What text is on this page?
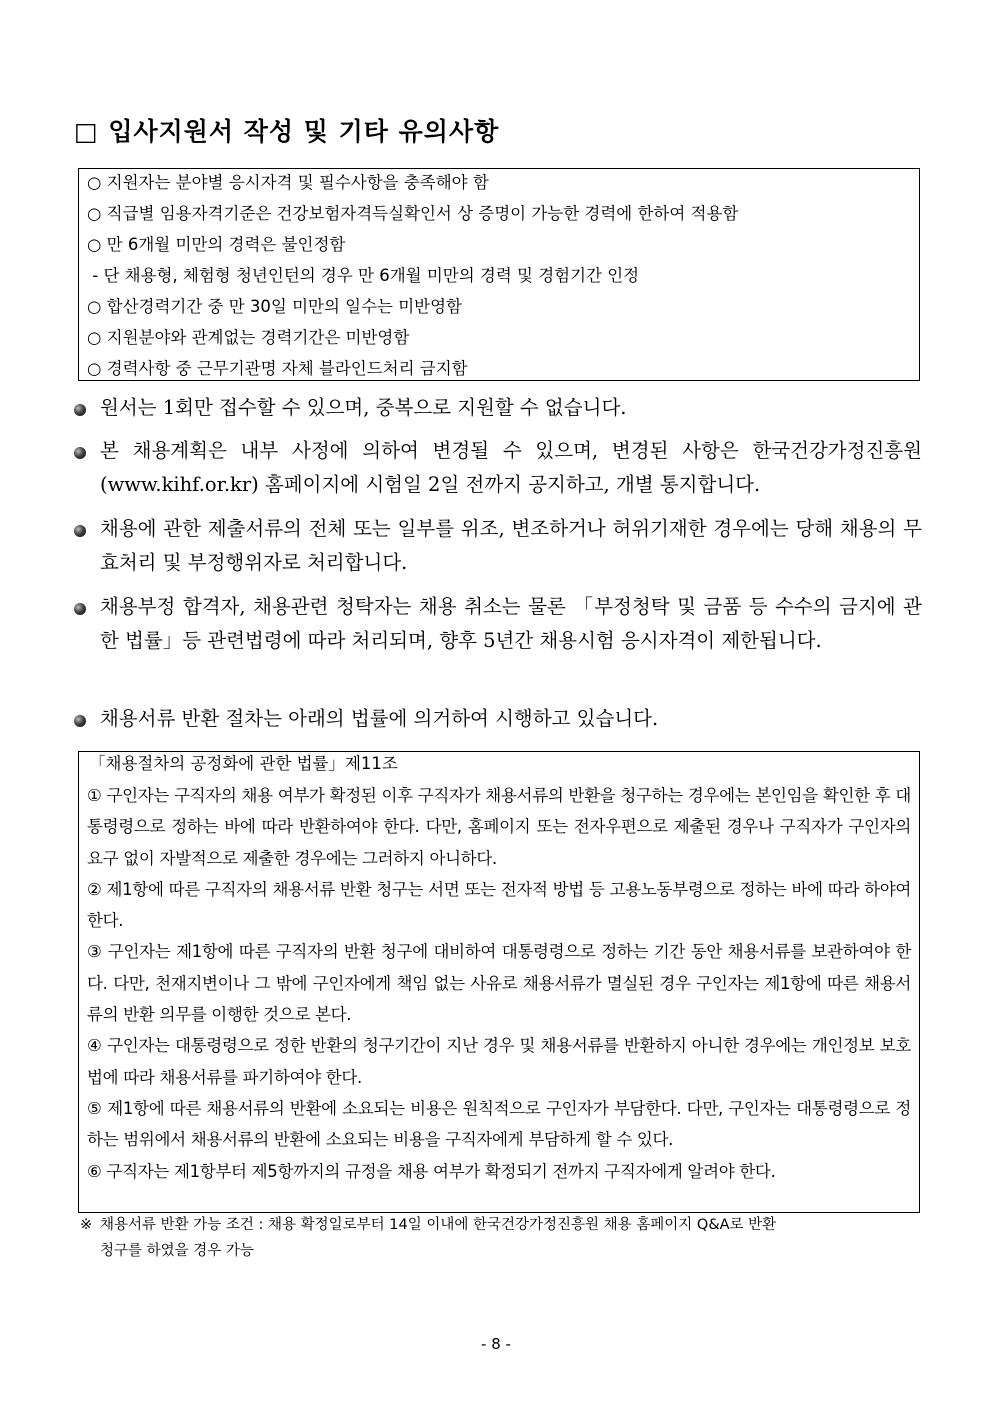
□ 입사지원서 작성 및 기타 유의사항
○ 지원자는 분야별 응시자격 및 필수사항을 충족해야 함
○ 직급별 임용자격기준은 건강보험자격득실확인서 상 증명이 가능한 경력에 한하여 적용함
○ 만 6개월 미만의 경력은 불인정함
- 단 채용형, 체험형 청년인턴의 경우 만 6개월 미만의 경력 및 경험기간 인정
○ 합산경력기간 중 만 30일 미만의 일수는 미반영함
○ 지원분야와 관계없는 경력기간은 미반영함
○ 경력사항 중 근무기관명 자체 블라인드처리 금지함
원서는 1회만 접수할 수 있으며, 중복으로 지원할 수 없습니다.
본 채용계획은 내부 사정에 의하여 변경될 수 있으며, 변경된 사항은 한국건강가정진흥원(www.kihf.or.kr) 홈페이지에 시험일 2일 전까지 공지하고, 개별 통지합니다.
채용에 관한 제출서류의 전체 또는 일부를 위조, 변조하거나 허위기재한 경우에는 당해 채용의 무효처리 및 부정행위자로 처리합니다.
채용부정 합격자, 채용관련 청탁자는 채용 취소는 물론 「부정청탁 및 금품 등 수수의 금지에 관한 법률」등 관련법령에 따라 처리되며, 향후 5년간 채용시험 응시자격이 제한됩니다.
채용서류 반환 절차는 아래의 법률에 의거하여 시행하고 있습니다.
「채용절차의 공정화에 관한 법률」제11조

① 구인자는 구직자의 채용 여부가 확정된 이후 구직자가 채용서류의 반환을 청구하는 경우에는 본인임을 확인한 후 대통령령으로 정하는 바에 따라 반환하여야 한다. 다만, 홈페이지 또는 전자우편으로 제출된 경우나 구직자가 구인자의 요구 없이 자발적으로 제출한 경우에는 그러하지 아니하다.

② 제1항에 따른 구직자의 채용서류 반환 청구는 서면 또는 전자적 방법 등 고용노동부령으로 정하는 바에 따라 하야여 한다.

③ 구인자는 제1항에 따른 구직자의 반환 청구에 대비하여 대통령령으로 정하는 기간 동안 채용서류를 보관하여야 한다. 다만, 천재지변이나 그 밖에 구인자에게 책임 없는 사유로 채용서류가 멸실된 경우 구인자는 제1항에 따른 채용서류의 반환 의무를 이행한 것으로 본다.

④ 구인자는 대통령령으로 정한 반환의 청구기간이 지난 경우 및 채용서류를 반환하지 아니한 경우에는 개인정보 보호법에 따라 채용서류를 파기하여야 한다.

⑤ 제1항에 따른 채용서류의 반환에 소요되는 비용은 원칙적으로 구인자가 부담한다. 다만, 구인자는 대통령령으로 정하는 범위에서 채용서류의 반환에 소요되는 비용을 구직자에게 부담하게 할 수 있다.

⑥ 구직자는 제1항부터 제5항까지의 규정을 채용 여부가 확정되기 전까지 구직자에게 알려야 한다.

※ 채용서류 반환 가능 조건 : 채용 확정일로부터 14일 이내에 한국건강가정진흥원 채용 홈페이지 Q&A로 반환
청구를 하였을 경우 가능
- 8 -
